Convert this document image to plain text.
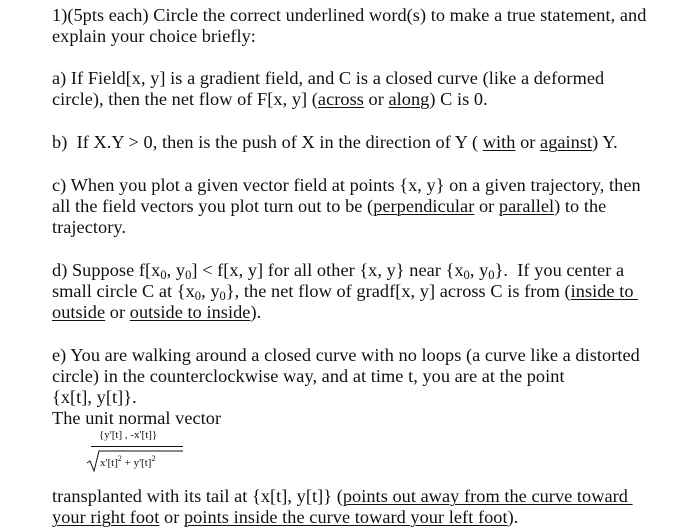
1)(5pts each) Circle the correct underlined word(s) to make a true statement, and
explain your choice briefly:
a) If Field[x, y] is a gradient field, and C is a closed curve (like a deformed
circle), then the net flow of F[x, y] (across or along) C is 0.
b)  If X.Y > 0, then is the push of X in the direction of Y ( with or against) Y.
c) When you plot a given vector field at points {x, y} on a given trajectory, then
all the field vectors you plot turn out to be (perpendicular or parallel) to the
trajectory.
d) Suppose $f[x_0$, $y_0] < f[x$, y] for all other {x, y} near {$x_0$, $y_0$}.  If you center a
small circle C at {$x_0$, $y_0$}, the net flow of gradf[x, y] across C is from (inside to
outside or outside to inside).
e) You are walking around a closed curve with no loops (a curve like a distorted
circle) in the counterclockwise way, and at time t, you are at the point
{x[t], y[t]}.
The unit normal vector
{y'[t] , -x'[t]}
$x'[t]^2 + y'[t]^2$
transplanted with its tail at {x[t], y[t]} (points out away from the curve toward
your right foot or points inside the curve toward your left foot).
